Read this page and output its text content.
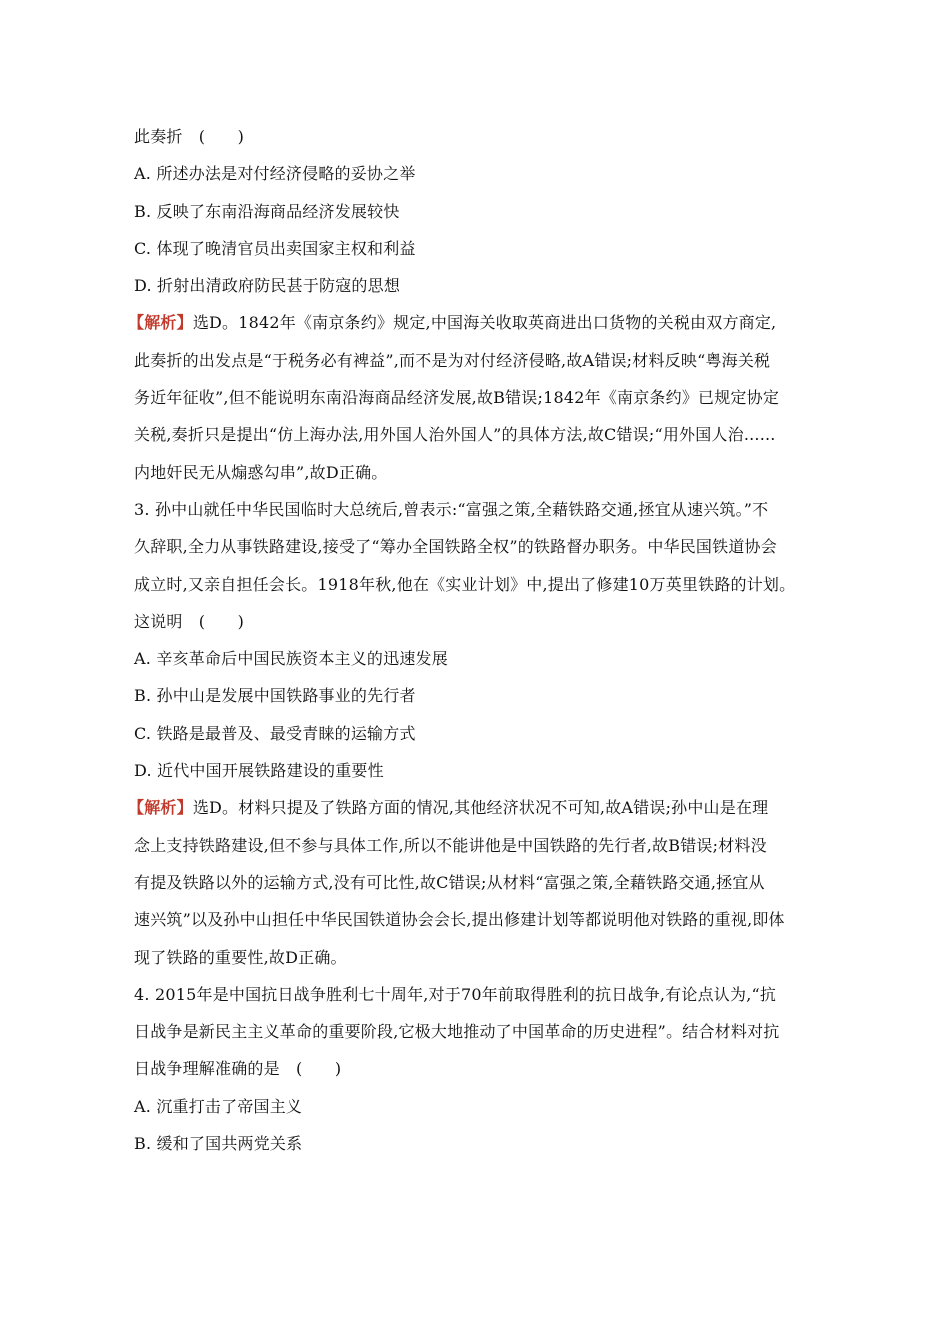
此奏折　(　　)
A. 所述办法是对付经济侵略的妥协之举
B. 反映了东南沿海商品经济发展较快
C. 体现了晚清官员出卖国家主权和利益
D. 折射出清政府防民甚于防寇的思想
【解析】选D。1842年《南京条约》规定,中国海关收取英商进出口货物的关税由双方商定,
此奏折的出发点是“于税务必有裨益”,而不是为对付经济侵略,故A错误;材料反映“粤海关税
务近年征收”,但不能说明东南沿海商品经济发展,故B错误;1842年《南京条约》已规定协定
关税,奏折只是提出“仿上海办法,用外国人治外国人”的具体方法,故C错误;“用外国人治......
内地奸民无从煽惑勾串”,故D正确。
3. 孙中山就任中华民国临时大总统后,曾表示:“富强之策,全藉铁路交通,拯宜从速兴筑。”不
久辞职,全力从事铁路建设,接受了“筹办全国铁路全权”的铁路督办职务。中华民国铁道协会
成立时,又亲自担任会长。1918年秋,他在《实业计划》中,提出了修建10万英里铁路的计划。
这说明　(　　)
A. 辛亥革命后中国民族资本主义的迅速发展
B. 孙中山是发展中国铁路事业的先行者
C. 铁路是最普及、最受青睐的运输方式
D. 近代中国开展铁路建设的重要性
【解析】选D。材料只提及了铁路方面的情况,其他经济状况不可知,故A错误;孙中山是在理
念上支持铁路建设,但不参与具体工作,所以不能讲他是中国铁路的先行者,故B错误;材料没
有提及铁路以外的运输方式,没有可比性,故C错误;从材料“富强之策,全藉铁路交通,拯宜从
速兴筑”以及孙中山担任中华民国铁道协会会长,提出修建计划等都说明他对铁路的重视,即体
现了铁路的重要性,故D正确。
4. 2015年是中国抗日战争胜利七十周年,对于70年前取得胜利的抗日战争,有论点认为,“抗
日战争是新民主主义革命的重要阶段,它极大地推动了中国革命的历史进程”。结合材料对抗
日战争理解准确的是　(　　)
A. 沉重打击了帝国主义
B. 缓和了国共两党关系
